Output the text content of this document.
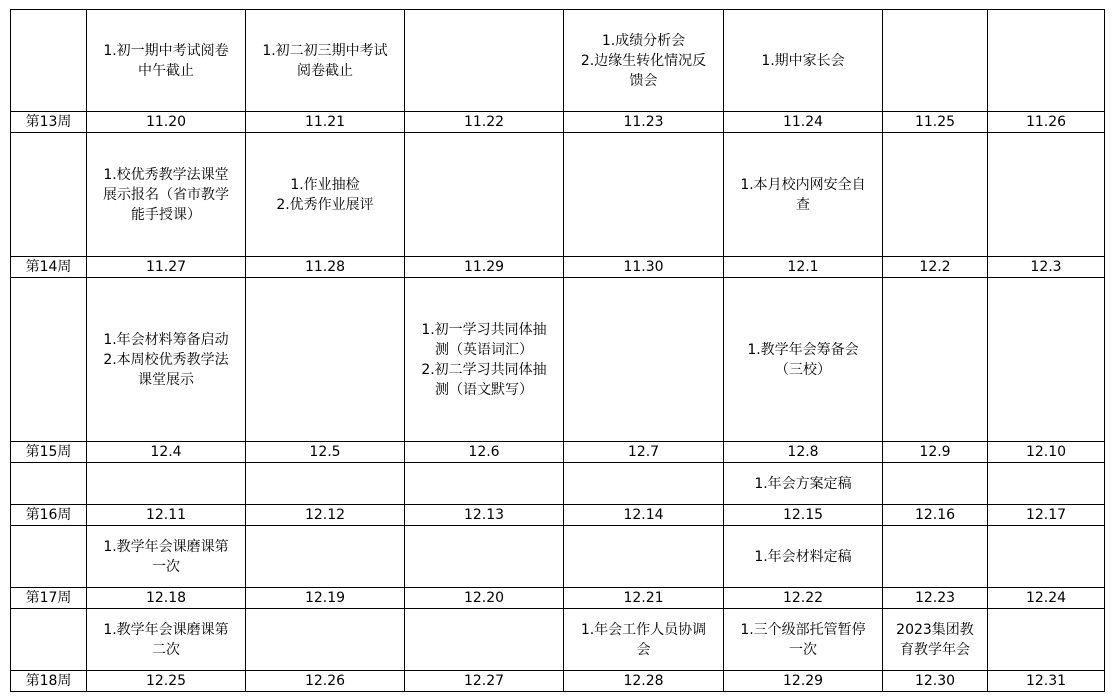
	1.初一期中考试阅卷
中午截止	1.初二初三期中考试
阅卷截止		1.成绩分析会
2.边缘生转化情况反
馈会	1.期中家长会		
第13周	11.20	11.21	11.22	11.23	11.24	11.25	11.26
	1.校优秀教学法课堂
展示报名（省市教学
能手授课）	1.作业抽检
2.优秀作业展评			1.本月校内网安全自
查		
第14周	11.27	11.28	11.29	11.30	12.1	12.2	12.3
	1.年会材料筹备启动
2.本周校优秀教学法
课堂展示		1.初一学习共同体抽
测（英语词汇）
2.初二学习共同体抽
测（语文默写）		1.教学年会筹备会
（三校）		
第15周	12.4	12.5	12.6	12.7	12.8	12.9	12.10
					1.年会方案定稿		
第16周	12.11	12.12	12.13	12.14	12.15	12.16	12.17
	1.教学年会课磨课第
一次				1.年会材料定稿		
第17周	12.18	12.19	12.20	12.21	12.22	12.23	12.24
	1.教学年会课磨课第
二次			1.年会工作人员协调
会	1.三个级部托管暂停
一次	2023集团教
育教学年会	
第18周	12.25	12.26	12.27	12.28	12.29	12.30	12.31
